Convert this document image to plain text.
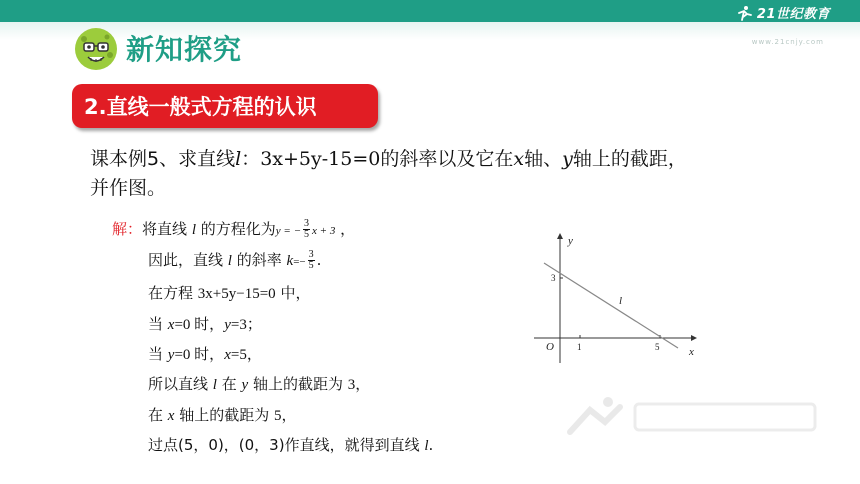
21世纪教育
www.21cnjy.com
新知探究
2.直线一般式方程的认识
课本例5、求直线l：3x+5y-15=0的斜率以及它在x轴、y轴上的截距，
并作图。
解：将直线 l 的方程化为y = − $\frac{3}{5}$ x + 3 ，
因此，直线 l 的斜率 $k=- \frac{3}{5}$ .
在方程 3x+5y−15=0 中，
当 x=0 时，y=3；
当 y=0 时，x=5，
所以直线 l 在 y 轴上的截距为 3，
在 x 轴上的截距为 5，
过点(5，0)，(0，3)作直线，就得到直线 l.
y
x
O	1	5
3
l
